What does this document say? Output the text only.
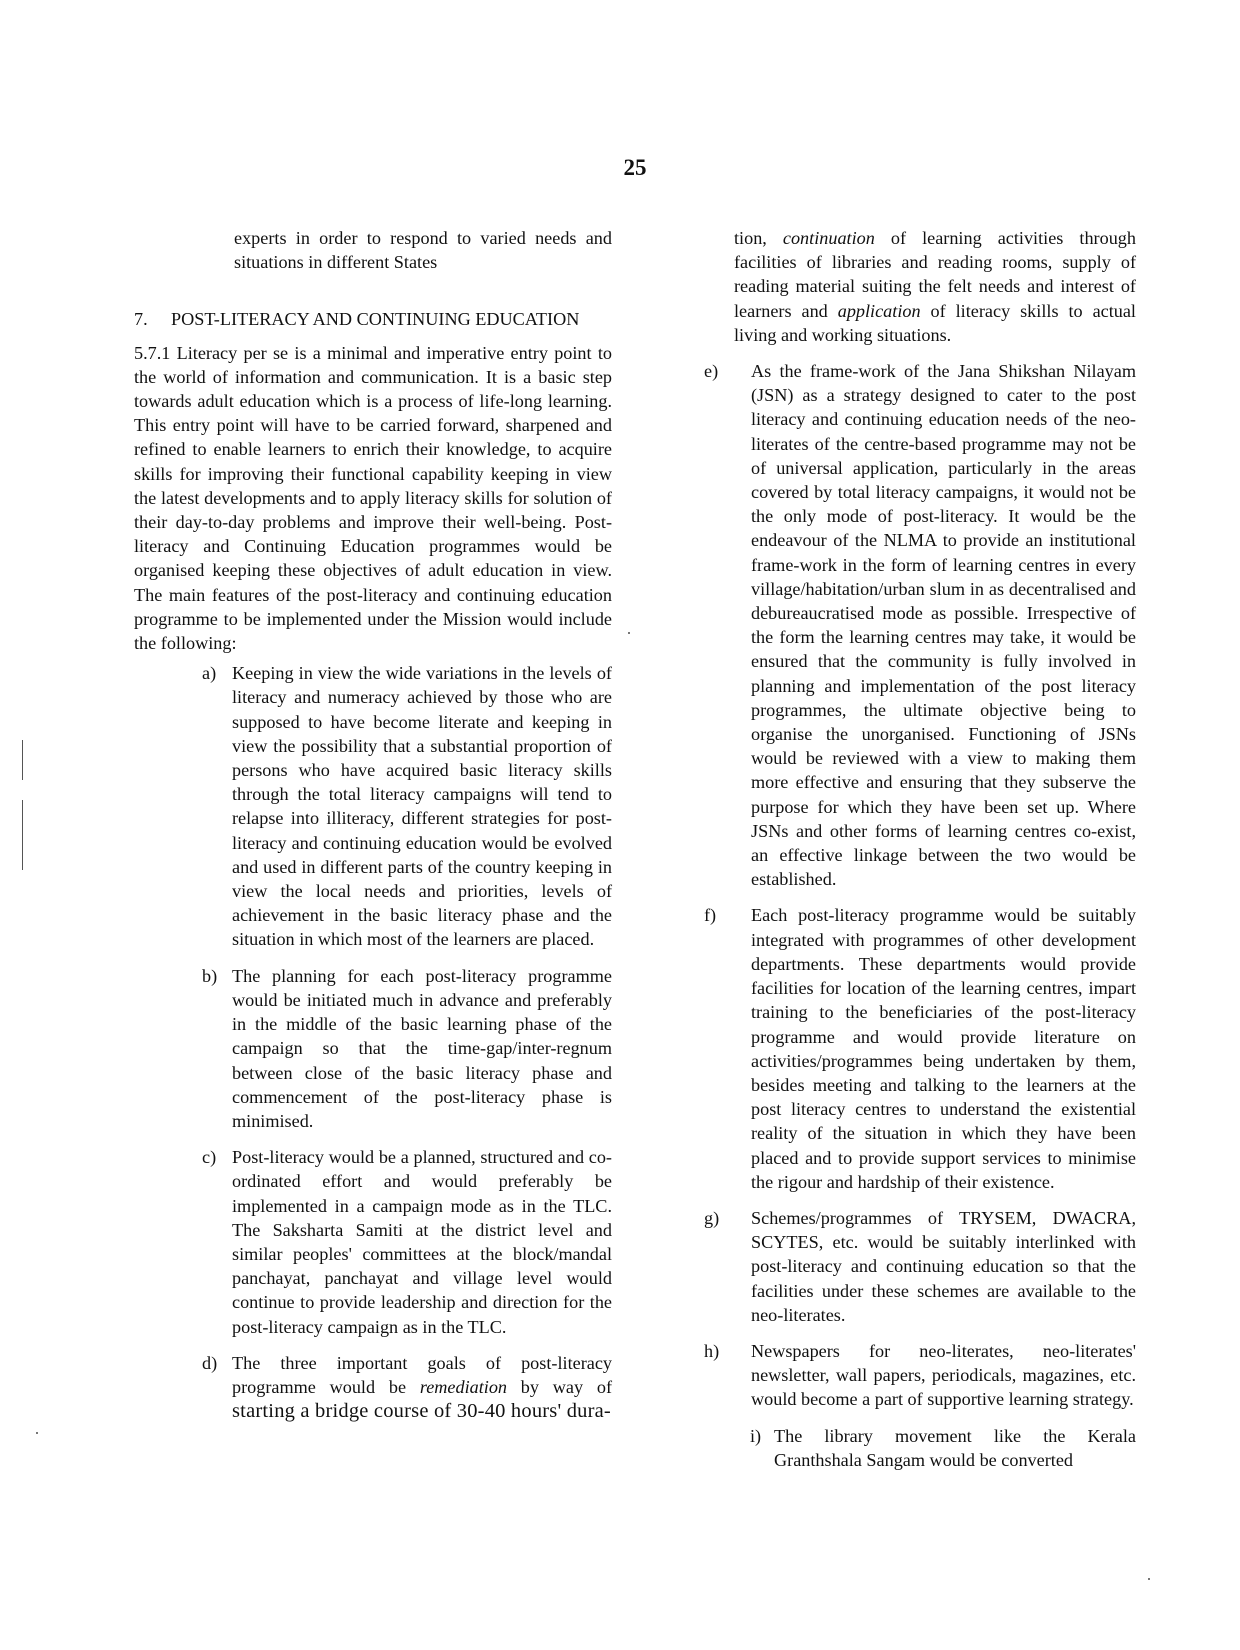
25

experts in order to respond to varied needs and situations in different States

7. POST-LITERACY AND CONTINUING EDUCATION

5.7.1 Literacy per se is a minimal and imperative entry point to the world of information and communication. It is a basic step towards adult education which is a process of life-long learning. This entry point will have to be carried forward, sharpened and refined to enable learners to enrich their knowledge, to acquire skills for improving their functional capability keeping in view the latest developments and to apply literacy skills for solution of their day-to-day problems and improve their well-being. Post-literacy and Continuing Education programmes would be organised keeping these objectives of adult education in view. The main features of the post-literacy and continuing education programme to be implemented under the Mission would include the following:

a) Keeping in view the wide variations in the levels of literacy and numeracy achieved by those who are supposed to have become literate and keeping in view the possibility that a substantial proportion of persons who have acquired basic literacy skills through the total literacy campaigns will tend to relapse into illiteracy, different strategies for post-literacy and continuing education would be evolved and used in different parts of the country keeping in view the local needs and priorities, levels of achievement in the basic literacy phase and the situation in which most of the learners are placed.
b) The planning for each post-literacy programme would be initiated much in advance and preferably in the middle of the basic learning phase of the campaign so that the time-gap/inter-regnum between close of the basic literacy phase and commencement of the post-literacy phase is minimised.
c) Post-literacy would be a planned, structured and co-ordinated effort and would preferably be implemented in a campaign mode as in the TLC. The Saksharta Samiti at the district level and similar peoples' committees at the block/mandal panchayat, panchayat and village level would continue to provide leadership and direction for the post-literacy campaign as in the TLC.
d) The three important goals of post-literacy programme would be remediation by way of starting a bridge course of 30-40 hours' dura-

tion, continuation of learning activities through facilities of libraries and reading rooms, supply of reading material suiting the felt needs and interest of learners and application of literacy skills to actual living and working situations.

e) As the frame-work of the Jana Shikshan Nilayam (JSN) as a strategy designed to cater to the post literacy and continuing education needs of the neo-literates of the centre-based programme may not be of universal application, particularly in the areas covered by total literacy campaigns, it would not be the only mode of post-literacy. It would be the endeavour of the NLMA to provide an institutional frame-work in the form of learning centres in every village/habitation/urban slum in as decentralised and debureaucratised mode as possible. Irrespective of the form the learning centres may take, it would be ensured that the community is fully involved in planning and implementation of the post literacy programmes, the ultimate objective being to organise the unorganised. Functioning of JSNs would be reviewed with a view to making them more effective and ensuring that they subserve the purpose for which they have been set up. Where JSNs and other forms of learning centres co-exist, an effective linkage between the two would be established.
f) Each post-literacy programme would be suitably integrated with programmes of other development departments. These departments would provide facilities for location of the learning centres, impart training to the beneficiaries of the post-literacy programme and would provide literature on activities/programmes being undertaken by them, besides meeting and talking to the learners at the post literacy centres to understand the existential reality of the situation in which they have been placed and to provide support services to minimise the rigour and hardship of their existence.
g) Schemes/programmes of TRYSEM, DWACRA, SCYTES, etc. would be suitably interlinked with post-literacy and continuing education so that the facilities under these schemes are available to the neo-literates.
h) Newspapers for neo-literates, neo-literates' newsletter, wall papers, periodicals, magazines, etc. would become a part of supportive learning strategy.
i) The library movement like the Kerala Granthshala Sangam would be converted
